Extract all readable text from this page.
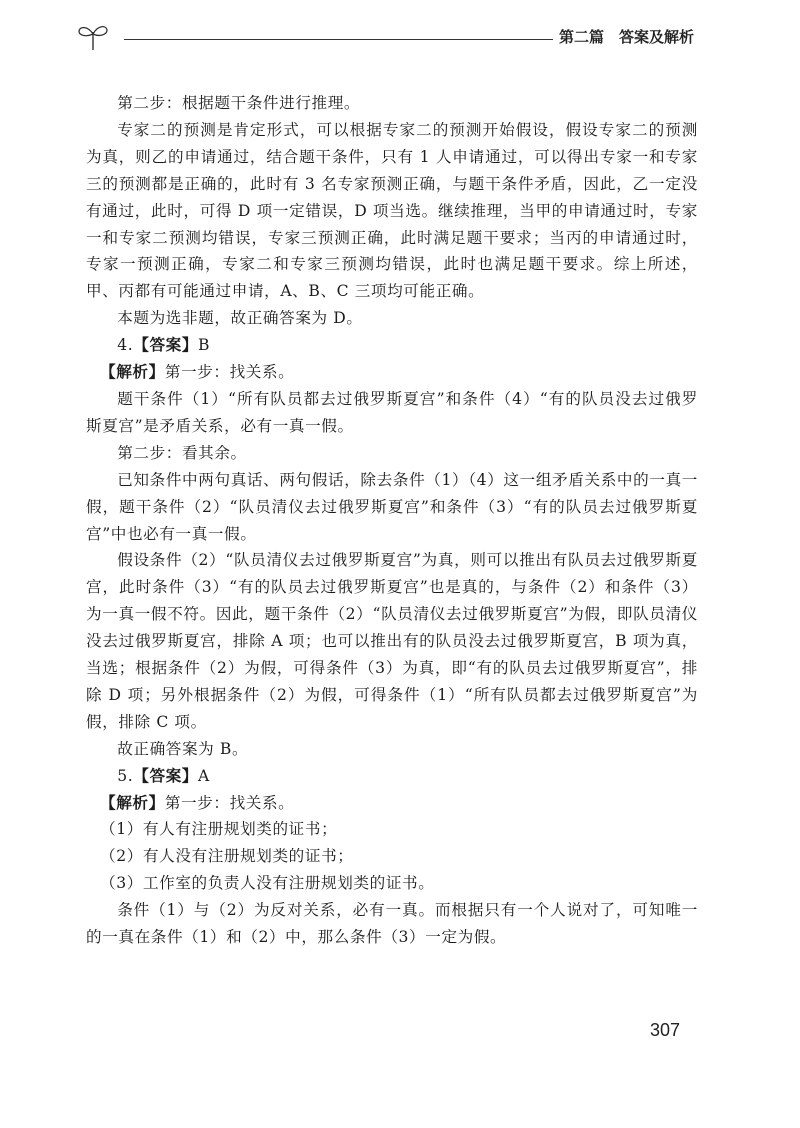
第二篇　答案及解析

第二步：根据题干条件进行推理。

专家二的预测是肯定形式，可以根据专家二的预测开始假设，假设专家二的预测为真，则乙的申请通过，结合题干条件，只有 1 人申请通过，可以得出专家一和专家三的预测都是正确的，此时有 3 名专家预测正确，与题干条件矛盾，因此，乙一定没有通过，此时，可得 D 项一定错误，D 项当选。继续推理，当甲的申请通过时，专家一和专家二预测均错误，专家三预测正确，此时满足题干要求；当丙的申请通过时，专家一预测正确，专家二和专家三预测均错误，此时也满足题干要求。综上所述，甲、丙都有可能通过申请，A、B、C 三项均可能正确。

本题为选非题，故正确答案为 D。

4.【答案】B

【解析】第一步：找关系。

题干条件（1）“所有队员都去过俄罗斯夏宫”和条件（4）“有的队员没去过俄罗斯夏宫”是矛盾关系，必有一真一假。

第二步：看其余。

已知条件中两句真话、两句假话，除去条件（1）（4）这一组矛盾关系中的一真一假，题干条件（2）“队员清仪去过俄罗斯夏宫”和条件（3）“有的队员去过俄罗斯夏宫”中也必有一真一假。

假设条件（2）“队员清仪去过俄罗斯夏宫”为真，则可以推出有队员去过俄罗斯夏宫，此时条件（3）“有的队员去过俄罗斯夏宫”也是真的，与条件（2）和条件（3）为一真一假不符。因此，题干条件（2）“队员清仪去过俄罗斯夏宫”为假，即队员清仪没去过俄罗斯夏宫，排除 A 项；也可以推出有的队员没去过俄罗斯夏宫，B 项为真，当选；根据条件（2）为假，可得条件（3）为真，即“有的队员去过俄罗斯夏宫”，排除 D 项；另外根据条件（2）为假，可得条件（1）“所有队员都去过俄罗斯夏宫”为假，排除 C 项。

故正确答案为 B。

5.【答案】A

【解析】第一步：找关系。

（1）有人有注册规划类的证书；

（2）有人没有注册规划类的证书；

（3）工作室的负责人没有注册规划类的证书。

条件（1）与（2）为反对关系，必有一真。而根据只有一个人说对了，可知唯一的一真在条件（1）和（2）中，那么条件（3）一定为假。

307
